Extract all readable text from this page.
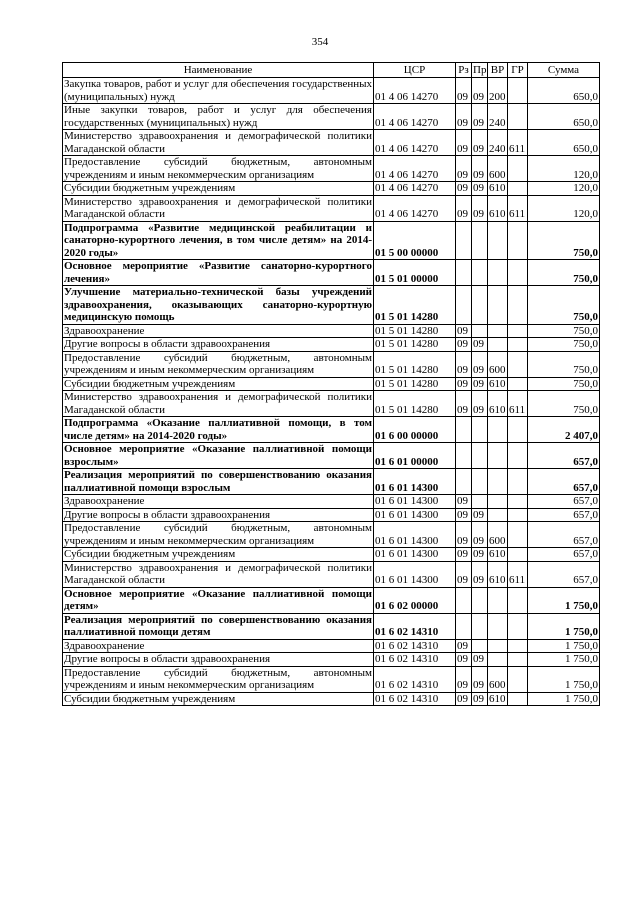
354
Наименование	ЦСР	Рз	Пр	ВР	ГР	Сумма
Закупка товаров, работ и услуг для обеспечения государственных (муниципальных) нужд	01 4 06 14270	09	09	200		650,0
Иные закупки товаров, работ и услуг для обеспечения государственных (муниципальных) нужд	01 4 06 14270	09	09	240		650,0
Министерство здравоохранения и демографической политики Магаданской области	01 4 06 14270	09	09	240	611	650,0
Предоставление субсидий бюджетным, автономным учреждениям и иным некоммерческим организациям	01 4 06 14270	09	09	600		120,0
Субсидии бюджетным учреждениям	01 4 06 14270	09	09	610		120,0
Министерство здравоохранения и демографической политики Магаданской области	01 4 06 14270	09	09	610	611	120,0
Подпрограмма «Развитие медицинской реабилитации и санаторно-курортного лечения, в том числе детям» на 2014-2020 годы»	01 5 00 00000					750,0
Основное мероприятие «Развитие санаторно-курортного лечения»	01 5 01 00000					750,0
Улучшение материально-технической базы учреждений здравоохранения, оказывающих санаторно-курортную медицинскую помощь	01 5 01 14280					750,0
Здравоохранение	01 5 01 14280	09				750,0
Другие вопросы в области здравоохранения	01 5 01 14280	09	09			750,0
Предоставление субсидий бюджетным, автономным учреждениям и иным некоммерческим организациям	01 5 01 14280	09	09	600		750,0
Субсидии бюджетным учреждениям	01 5 01 14280	09	09	610		750,0
Министерство здравоохранения и демографической политики Магаданской области	01 5 01 14280	09	09	610	611	750,0
Подпрограмма «Оказание паллиативной помощи, в том числе детям» на 2014-2020 годы»	01 6 00 00000					2 407,0
Основное мероприятие «Оказание паллиативной помощи взрослым»	01 6 01 00000					657,0
Реализация мероприятий по совершенствованию оказания паллиативной помощи взрослым	01 6 01 14300					657,0
Здравоохранение	01 6 01 14300	09				657,0
Другие вопросы в области здравоохранения	01 6 01 14300	09	09			657,0
Предоставление субсидий бюджетным, автономным учреждениям и иным некоммерческим организациям	01 6 01 14300	09	09	600		657,0
Субсидии бюджетным учреждениям	01 6 01 14300	09	09	610		657,0
Министерство здравоохранения и демографической политики Магаданской области	01 6 01 14300	09	09	610	611	657,0
Основное мероприятие «Оказание паллиативной помощи детям»	01 6 02 00000					1 750,0
Реализация мероприятий по совершенствованию оказания паллиативной помощи детям	01 6 02 14310					1 750,0
Здравоохранение	01 6 02 14310	09				1 750,0
Другие вопросы в области здравоохранения	01 6 02 14310	09	09			1 750,0
Предоставление субсидий бюджетным, автономным учреждениям и иным некоммерческим организациям	01 6 02 14310	09	09	600		1 750,0
Субсидии бюджетным учреждениям	01 6 02 14310	09	09	610		1 750,0
